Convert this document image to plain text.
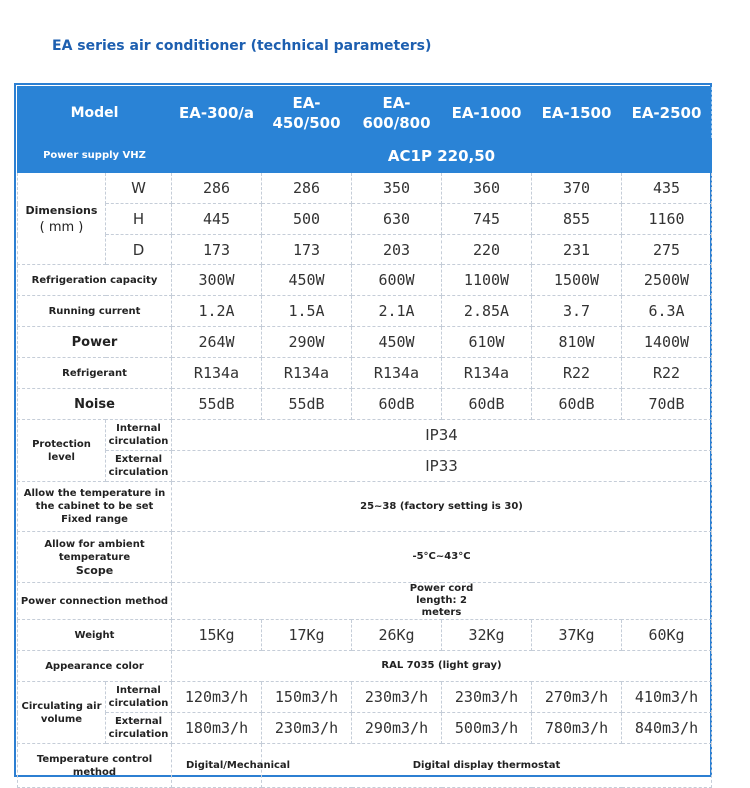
EA series air conditioner (technical parameters)
Model		EA-300/a	EA-450/500	EA-600/800	EA-1000	EA-1500	EA-2500
Power supply VHZ		AC1P 220,50					

Dimensions
( mm )	W	286	286	350	360	370	435
	H	445	500	630	745	855	1160
	D	173	173	203	220	231	275
Refrigeration capacity		300W	450W	600W	1100W	1500W	2500W
Running current		1.2A	1.5A	2.1A	2.85A	3.7	6.3A
Power		264W	290W	450W	610W	810W	1400W
Refrigerant		R134a	R134a	R134a	R134a	R22	R22
Noise		55dB	55dB	60dB	60dB	60dB	70dB
Protection level	Internal circulation	IP34					
	External circulation	IP33					

Allow the temperature in the cabinet to be set
Fixed range		25~38 (factory setting is 30)					

Allow for ambient temperature
Scope		-5°C~43°C					
Power connection method		Power cord length: 2 meters					
Weight		15Kg	17Kg	26Kg	32Kg	37Kg	60Kg
Appearance color		RAL 7035 (light gray)					
Circulating air volume	Internal circulation	120m3/h	150m3/h	230m3/h	230m3/h	270m3/h	410m3/h
	External circulation	180m3/h	230m3/h	290m3/h	500m3/h	780m3/h	840m3/h
Temperature control method		Digital/Mechanical	Digital display thermostat				
